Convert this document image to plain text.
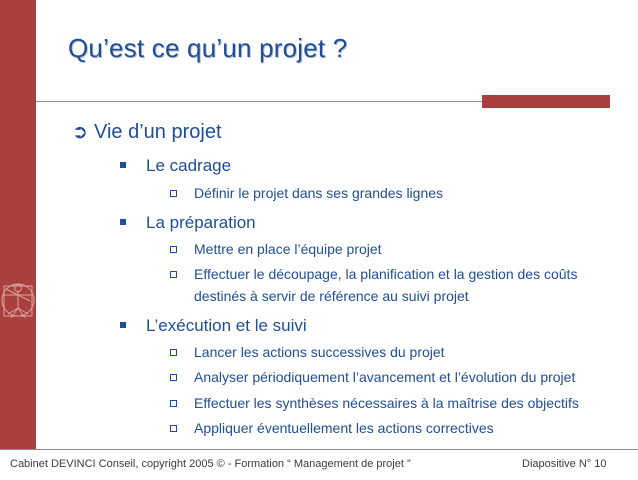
Qu’est ce qu’un projet ?
➲ Vie d’un projet
Le cadrage
Définir le projet dans ses grandes lignes
La préparation
Mettre en place l’équipe projet
Effectuer le découpage, la planification et la gestion des coûts
destinés à servir de référence au suivi projet
L’exécution et le suivi
Lancer les actions successives du projet
Analyser périodiquement l’avancement et l’évolution du projet
Effectuer les synthèses nécessaires à la maîtrise des objectifs
Appliquer éventuellement les actions correctives
Cabinet DEVINCI Conseil, copyright 2005 © - Formation “ Management de projet ”	Diapositive N° 10
